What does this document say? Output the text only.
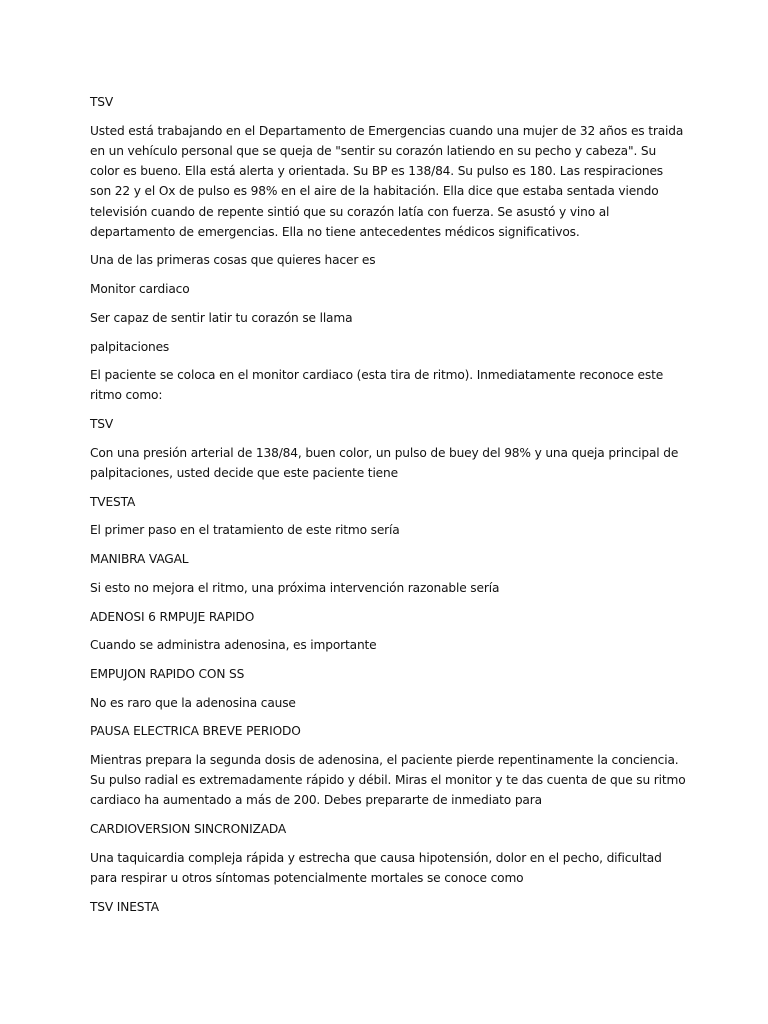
TSV

Usted está trabajando en el Departamento de Emergencias cuando una mujer de 32 años es traida en un vehículo personal que se queja de "sentir su corazón latiendo en su pecho y cabeza". Su color es bueno. Ella está alerta y orientada. Su BP es 138/84. Su pulso es 180. Las respiraciones son 22 y el Ox de pulso es 98% en el aire de la habitación. Ella dice que estaba sentada viendo televisión cuando de repente sintió que su corazón latía con fuerza. Se asustó y vino al departamento de emergencias. Ella no tiene antecedentes médicos significativos.

Una de las primeras cosas que quieres hacer es

Monitor cardiaco

Ser capaz de sentir latir tu corazón se llama

palpitaciones

El paciente se coloca en el monitor cardiaco (esta tira de ritmo). Inmediatamente reconoce este ritmo como:

TSV

Con una presión arterial de 138/84, buen color, un pulso de buey del 98% y una queja principal de palpitaciones, usted decide que este paciente tiene

TVESTA

El primer paso en el tratamiento de este ritmo sería

MANIBRA VAGAL

Si esto no mejora el ritmo, una próxima intervención razonable sería

ADENOSI 6 RMPUJE RAPIDO

Cuando se administra adenosina, es importante

EMPUJON RAPIDO CON SS

No es raro que la adenosina cause

PAUSA ELECTRICA BREVE PERIODO

Mientras prepara la segunda dosis de adenosina, el paciente pierde repentinamente la conciencia. Su pulso radial es extremadamente rápido y débil. Miras el monitor y te das cuenta de que su ritmo cardiaco ha aumentado a más de 200. Debes prepararte de inmediato para

CARDIOVERSION SINCRONIZADA

Una taquicardia compleja rápida y estrecha que causa hipotensión, dolor en el pecho, dificultad para respirar u otros síntomas potencialmente mortales se conoce como

TSV INESTA
